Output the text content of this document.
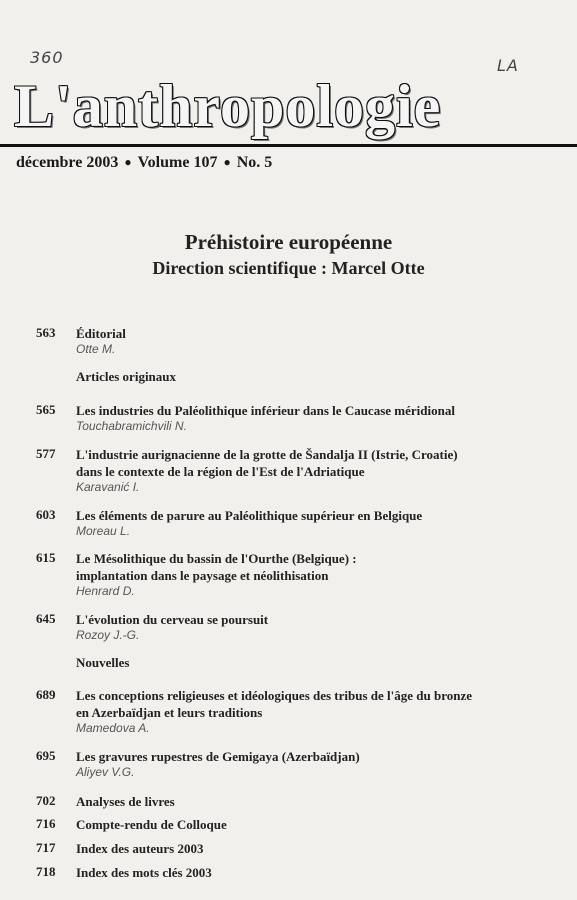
360	LA
L'anthropologie
décembre 2003 ● Volume 107 ● No. 5
Préhistoire européenne
Direction scientifique : Marcel Otte
563	Éditorial
Otte M.
Articles originaux
565	Les industries du Paléolithique inférieur dans le Caucase méridional
Touchabramichvili N.
577	L'industrie aurignacienne de la grotte de Šandalja II (Istrie, Croatie)
dans le contexte de la région de l'Est de l'Adriatique
Karavanić I.
603	Les éléments de parure au Paléolithique supérieur en Belgique
Moreau L.
615	Le Mésolithique du bassin de l'Ourthe (Belgique) :
implantation dans le paysage et néolithisation
Henrard D.
645	L'évolution du cerveau se poursuit
Rozoy J.-G.
Nouvelles
689	Les conceptions religieuses et idéologiques des tribus de l'âge du bronze
en Azerbaïdjan et leurs traditions
Mamedova A.
695	Les gravures rupestres de Gemigaya (Azerbaïdjan)
Aliyev V.G.
702	Analyses de livres
716	Compte-rendu de Colloque
717	Index des auteurs 2003
718	Index des mots clés 2003
